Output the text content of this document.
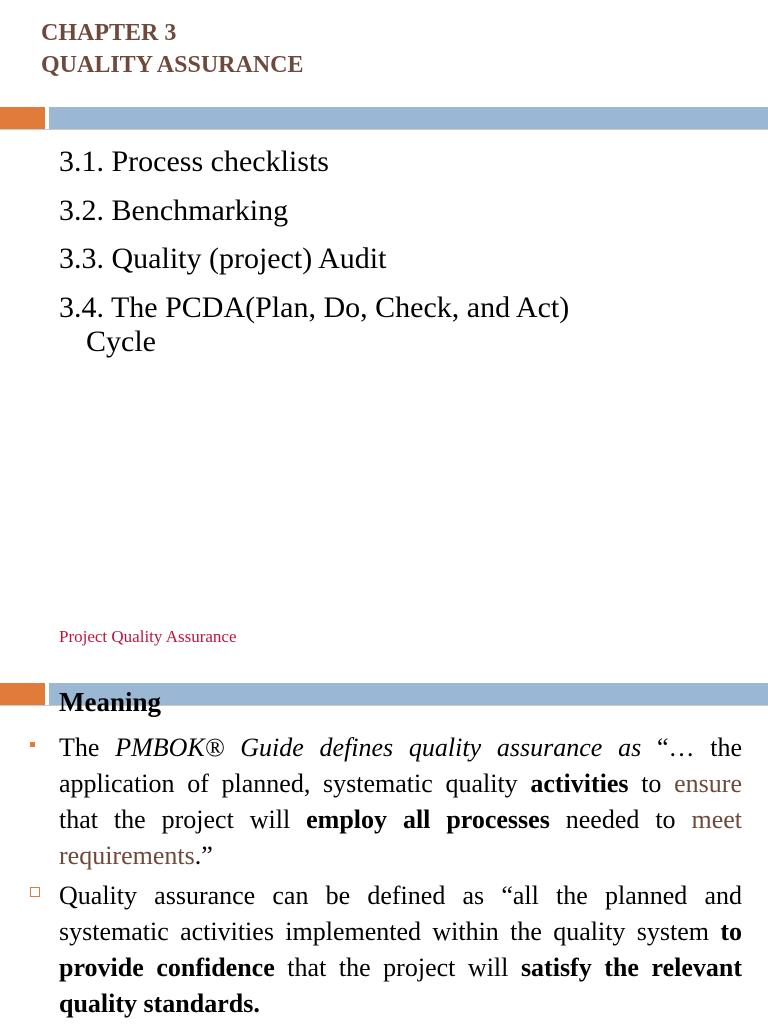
CHAPTER 3
QUALITY ASSURANCE
3.1. Process checklists
3.2. Benchmarking
3.3. Quality (project) Audit
3.4. The PCDA(Plan, Do, Check, and Act)
Cycle
Project Quality Assurance
Meaning
The PMBOK® Guide defines quality assurance as “… the application of planned, systematic quality activities to ensure that the project will employ all processes needed to meet requirements.”
Quality assurance can be defined as “all the planned and systematic activities implemented within the quality system to provide confidence that the project will satisfy the relevant quality standards.
